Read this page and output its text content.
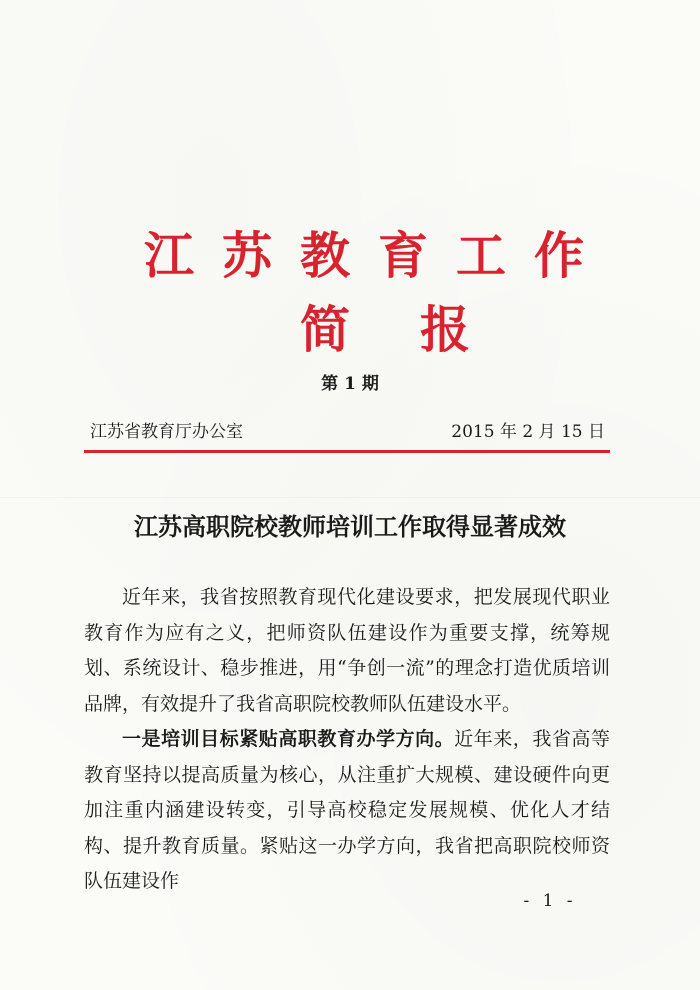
江苏教育工作
简报
第 1 期
江苏省教育厅办公室	2015 年 2 月 15 日
江苏高职院校教师培训工作取得显著成效

近年来，我省按照教育现代化建设要求，把发展现代职业教育作为应有之义，把师资队伍建设作为重要支撑，统筹规划、系统设计、稳步推进，用“争创一流”的理念打造优质培训品牌，有效提升了我省高职院校教师队伍建设水平。

一是培训目标紧贴高职教育办学方向。近年来，我省高等教育坚持以提高质量为核心，从注重扩大规模、建设硬件向更加注重内涵建设转变，引导高校稳定发展规模、优化人才结构、提升教育质量。紧贴这一办学方向，我省把高职院校师资队伍建设作

- 1 -
